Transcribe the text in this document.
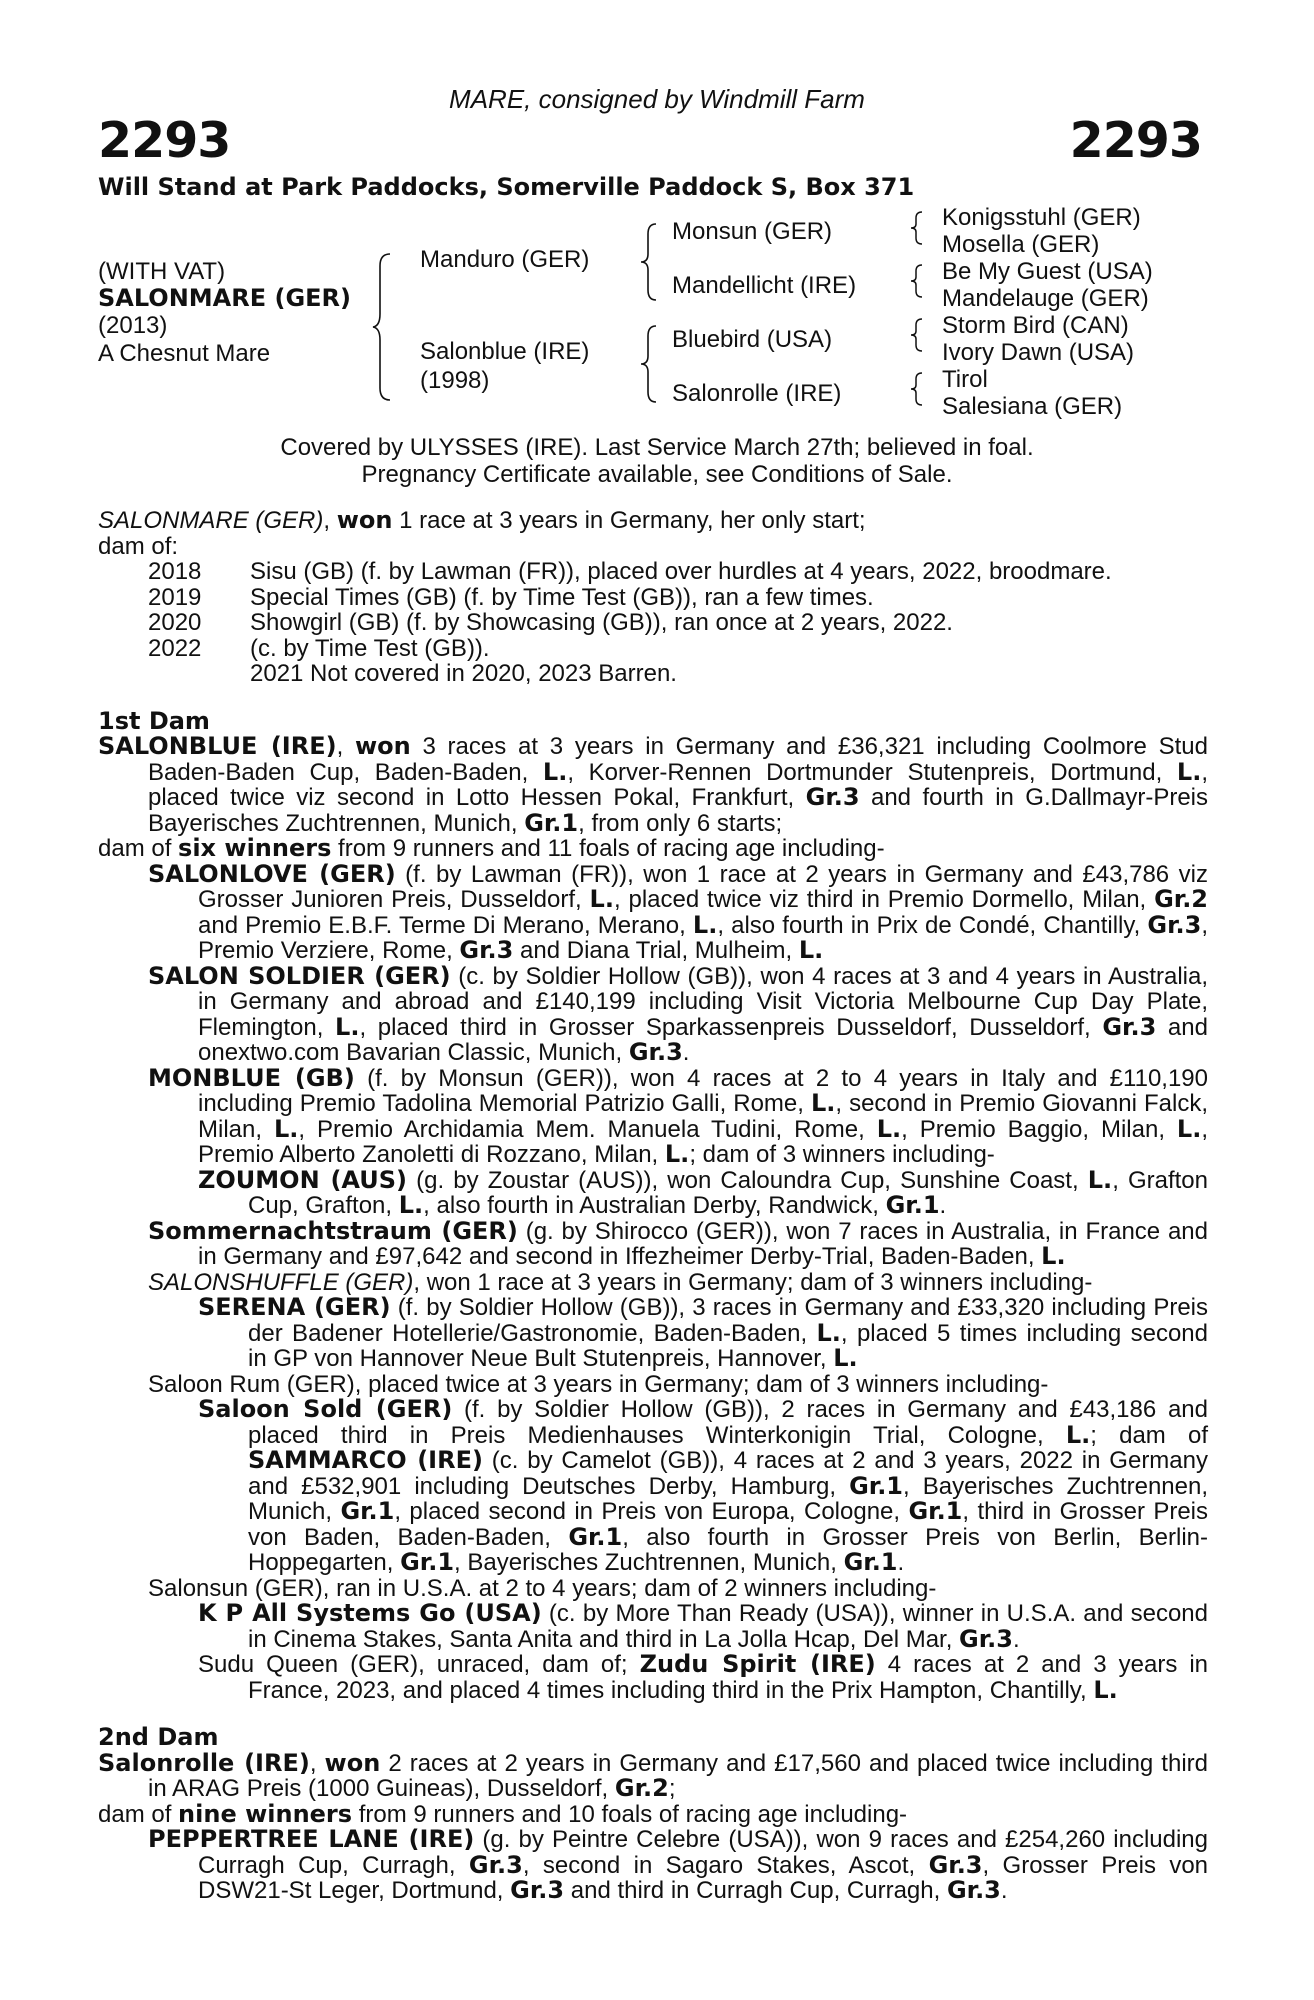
MARE, consigned by Windmill Farm
2293	2293
Will Stand at Park Paddocks, Somerville Paddock S, Box 371
(WITH VAT)
SALONMARE (GER)
(2013)
A Chesnut Mare
Manduro (GER)
Salonblue (IRE)
(1998)
Monsun (GER)
Mandellicht (IRE)
Bluebird (USA)
Salonrolle (IRE)
Konigsstuhl (GER)
Mosella (GER)
Be My Guest (USA)
Mandelauge (GER)
Storm Bird (CAN)
Ivory Dawn (USA)
Tirol
Salesiana (GER)
Covered by ULYSSES (IRE). Last Service March 27th; believed in foal.
Pregnancy Certificate available, see Conditions of Sale.

SALONMARE (GER), won 1 race at 3 years in Germany, her only start;

dam of:

2018	Sisu (GB) (f. by Lawman (FR)), placed over hurdles at 4 years, 2022, broodmare.
2019	Special Times (GB) (f. by Time Test (GB)), ran a few times.
2020	Showgirl (GB) (f. by Showcasing (GB)), ran once at 2 years, 2022.
2022	(c. by Time Test (GB)).
2021 Not covered in 2020, 2023 Barren.

1st Dam

SALONBLUE (IRE), won 3 races at 3 years in Germany and £36,321 including Coolmore Stud Baden-Baden Cup, Baden-Baden, L., Korver-Rennen Dortmunder Stutenpreis, Dortmund, L., placed twice viz second in Lotto Hessen Pokal, Frankfurt, Gr.3 and fourth in G.Dallmayr-Preis Bayerisches Zuchtrennen, Munich, Gr.1, from only 6 starts;

dam of six winners from 9 runners and 11 foals of racing age including-

SALONLOVE (GER) (f. by Lawman (FR)), won 1 race at 2 years in Germany and £43,786 viz Grosser Junioren Preis, Dusseldorf, L., placed twice viz third in Premio Dormello, Milan, Gr.2 and Premio E.B.F. Terme Di Merano, Merano, L., also fourth in Prix de Condé, Chantilly, Gr.3, Premio Verziere, Rome, Gr.3 and Diana Trial, Mulheim, L.

SALON SOLDIER (GER) (c. by Soldier Hollow (GB)), won 4 races at 3 and 4 years in Australia, in Germany and abroad and £140,199 including Visit Victoria Melbourne Cup Day Plate, Flemington, L., placed third in Grosser Sparkassenpreis Dusseldorf, Dusseldorf, Gr.3 and onextwo.com Bavarian Classic, Munich, Gr.3.

MONBLUE (GB) (f. by Monsun (GER)), won 4 races at 2 to 4 years in Italy and £110,190 including Premio Tadolina Memorial Patrizio Galli, Rome, L., second in Premio Giovanni Falck, Milan, L., Premio Archidamia Mem. Manuela Tudini, Rome, L., Premio Baggio, Milan, L., Premio Alberto Zanoletti di Rozzano, Milan, L.; dam of 3 winners including-

ZOUMON (AUS) (g. by Zoustar (AUS)), won Caloundra Cup, Sunshine Coast, L., Grafton Cup, Grafton, L., also fourth in Australian Derby, Randwick, Gr.1.

Sommernachtstraum (GER) (g. by Shirocco (GER)), won 7 races in Australia, in France and in Germany and £97,642 and second in Iffezheimer Derby-Trial, Baden-Baden, L.

SALONSHUFFLE (GER), won 1 race at 3 years in Germany; dam of 3 winners including-

SERENA (GER) (f. by Soldier Hollow (GB)), 3 races in Germany and £33,320 including Preis der Badener Hotellerie/Gastronomie, Baden-Baden, L., placed 5 times including second in GP von Hannover Neue Bult Stutenpreis, Hannover, L.

Saloon Rum (GER), placed twice at 3 years in Germany; dam of 3 winners including-

Saloon Sold (GER) (f. by Soldier Hollow (GB)), 2 races in Germany and £43,186 and placed third in Preis Medienhauses Winterkonigin Trial, Cologne, L.; dam of SAMMARCO (IRE) (c. by Camelot (GB)), 4 races at 2 and 3 years, 2022 in Germany and £532,901 including Deutsches Derby, Hamburg, Gr.1, Bayerisches Zuchtrennen, Munich, Gr.1, placed second in Preis von Europa, Cologne, Gr.1, third in Grosser Preis von Baden, Baden-Baden, Gr.1, also fourth in Grosser Preis von Berlin, Berlin-Hoppegarten, Gr.1, Bayerisches Zuchtrennen, Munich, Gr.1.

Salonsun (GER), ran in U.S.A. at 2 to 4 years; dam of 2 winners including-

K P All Systems Go (USA) (c. by More Than Ready (USA)), winner in U.S.A. and second in Cinema Stakes, Santa Anita and third in La Jolla Hcap, Del Mar, Gr.3.

Sudu Queen (GER), unraced, dam of; Zudu Spirit (IRE) 4 races at 2 and 3 years in France, 2023, and placed 4 times including third in the Prix Hampton, Chantilly, L.

2nd Dam

Salonrolle (IRE), won 2 races at 2 years in Germany and £17,560 and placed twice including third in ARAG Preis (1000 Guineas), Dusseldorf, Gr.2;

dam of nine winners from 9 runners and 10 foals of racing age including-

PEPPERTREE LANE (IRE) (g. by Peintre Celebre (USA)), won 9 races and £254,260 including Curragh Cup, Curragh, Gr.3, second in Sagaro Stakes, Ascot, Gr.3, Grosser Preis von DSW21-St Leger, Dortmund, Gr.3 and third in Curragh Cup, Curragh, Gr.3.
